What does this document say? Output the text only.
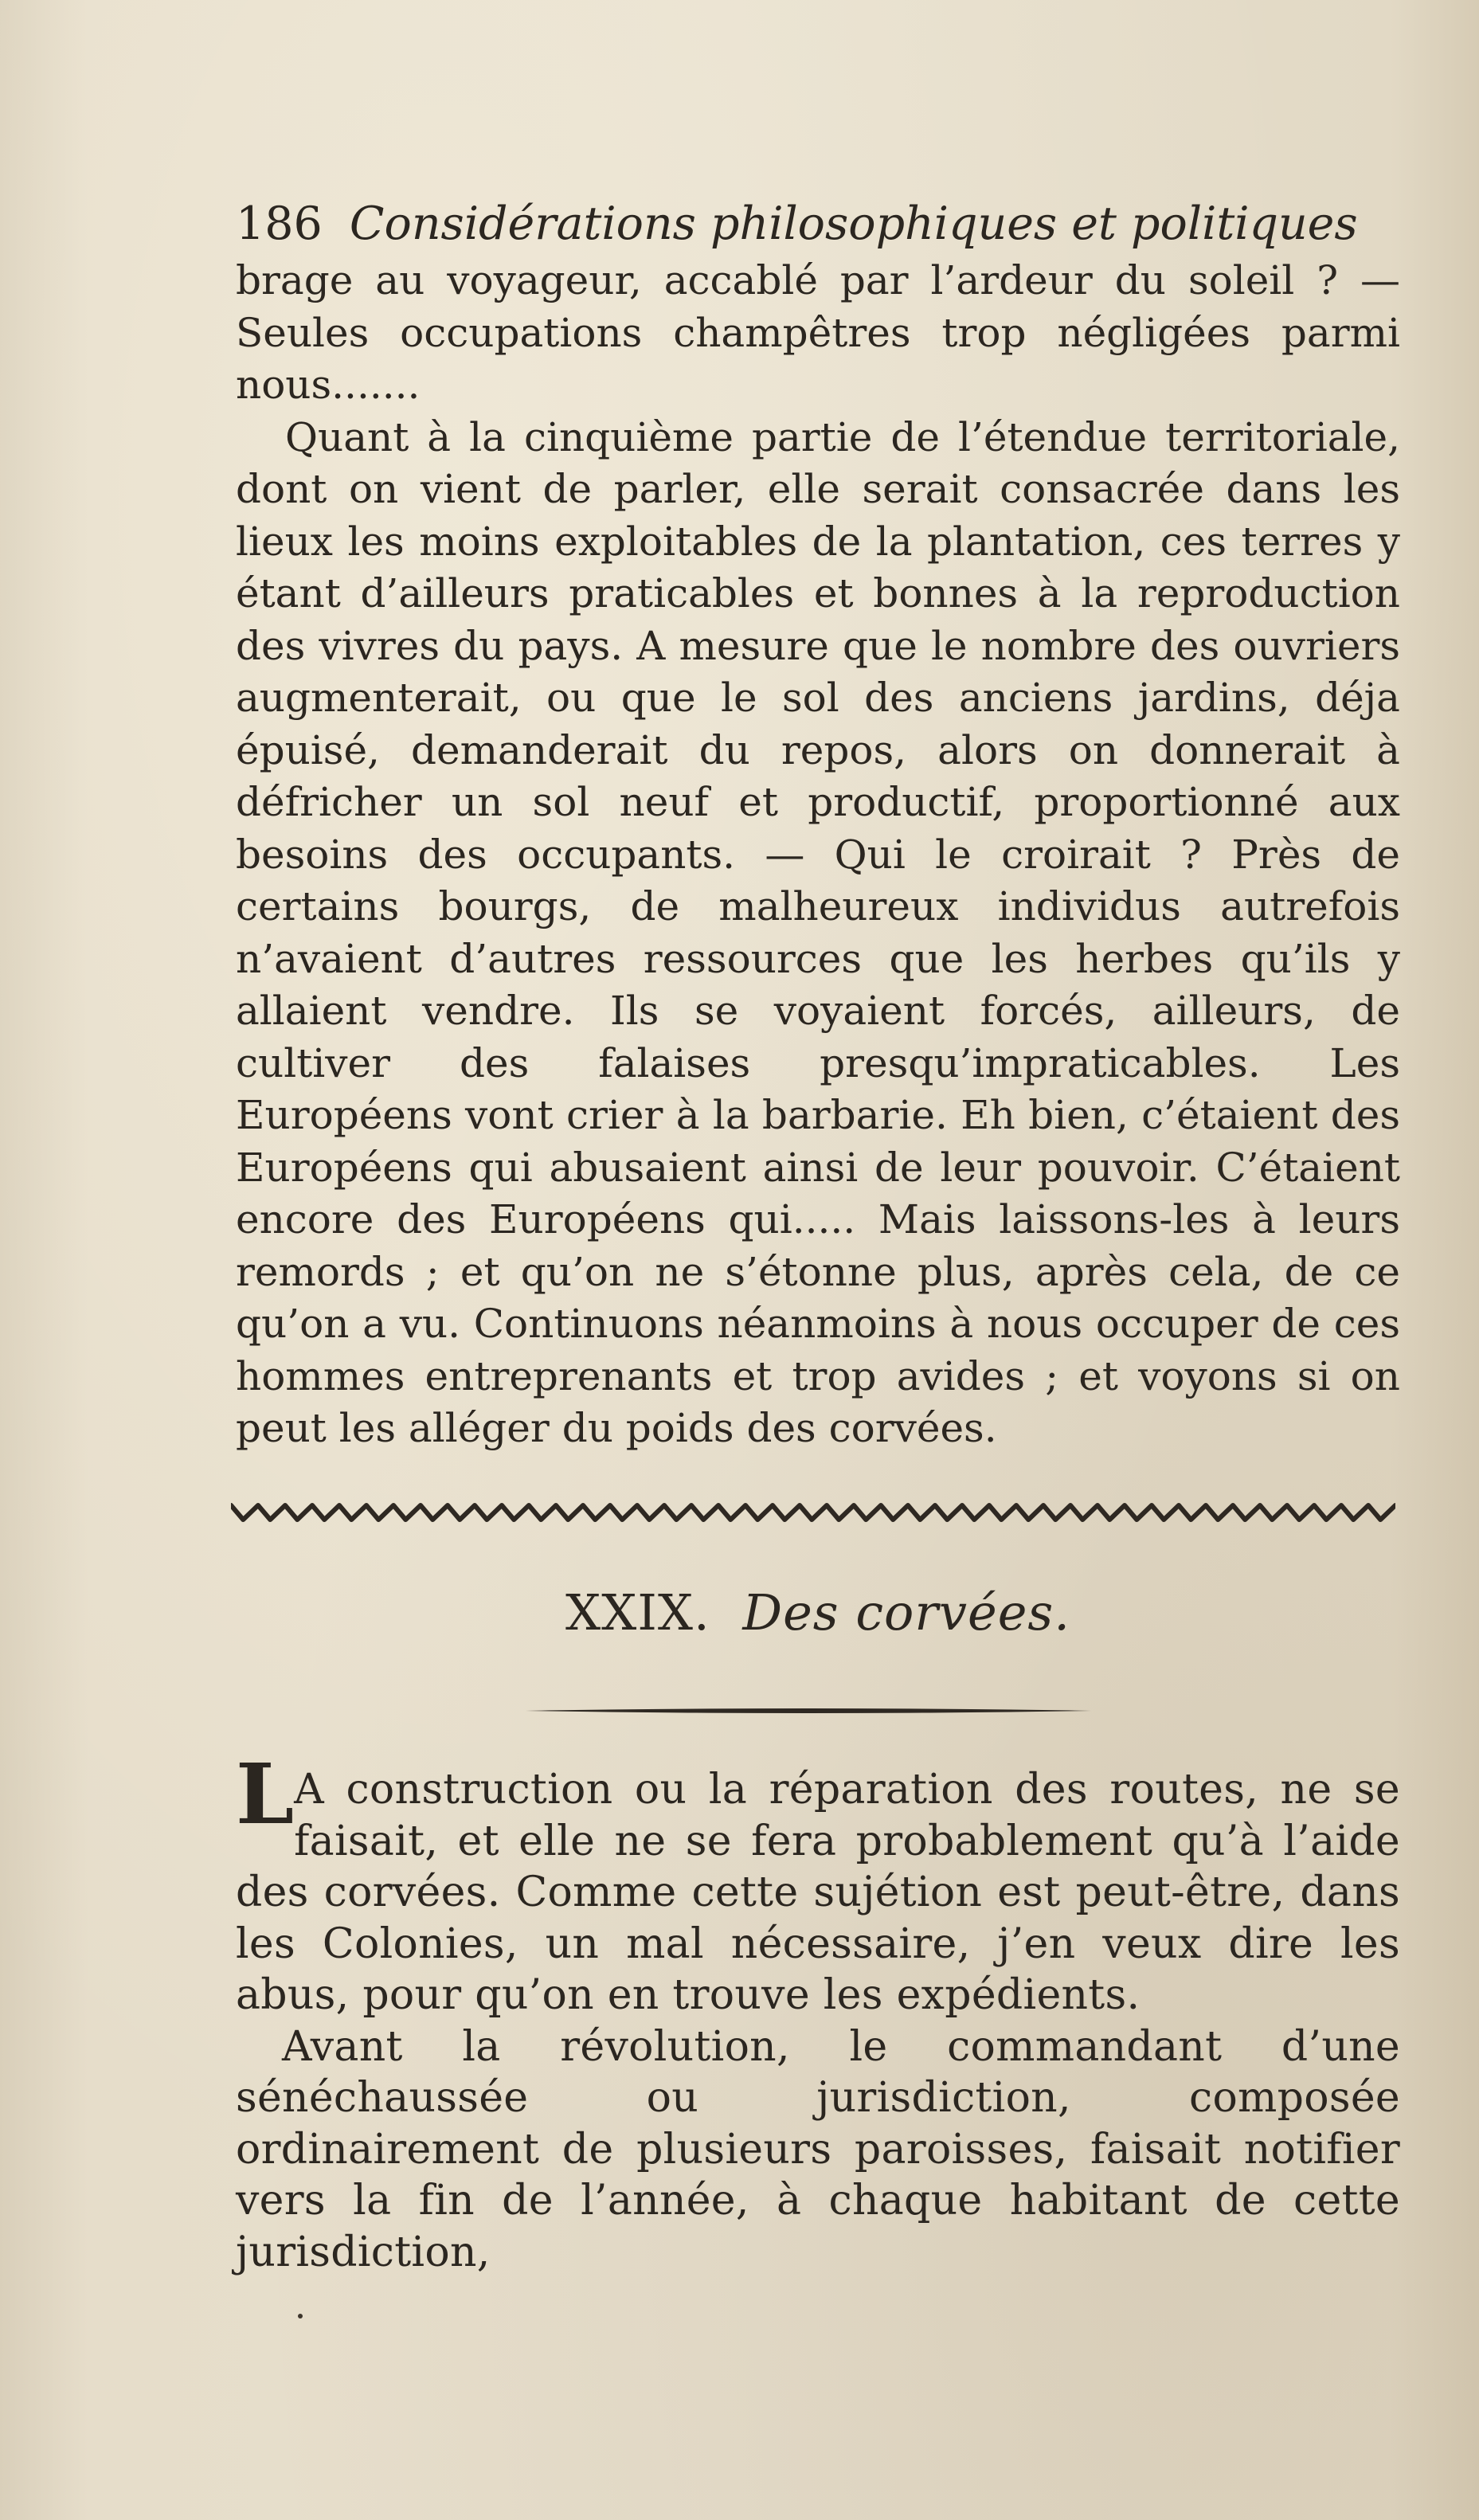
186 Considérations philosophiques et politiques

brage au voyageur, accablé par l’ardeur du soleil ? — Seules occupations champêtres trop négligées parmi nous.......

Quant à la cinquième partie de l’étendue territoriale, dont on vient de parler, elle serait consacrée dans les lieux les moins exploitables de la plantation, ces terres y étant d’ailleurs praticables et bonnes à la reproduction des vivres du pays. A mesure que le nombre des ouvriers augmenterait, ou que le sol des anciens jardins, déja épuisé, demanderait du repos, alors on donnerait à défricher un sol neuf et productif, proportionné aux besoins des occupants. — Qui le croirait ? Près de certains bourgs, de malheureux individus autrefois n’avaient d’autres ressources que les herbes qu’ils y allaient vendre. Ils se voyaient forcés, ailleurs, de cultiver des falaises presqu’impraticables. Les Européens vont crier à la barbarie. Eh bien, c’étaient des Européens qui abusaient ainsi de leur pouvoir. C’étaient encore des Européens qui..... Mais laissons-les à leurs remords ; et qu’on ne s’étonne plus, après cela, de ce qu’on a vu. Continuons néanmoins à nous occuper de ces hommes entreprenants et trop avides ; et voyons si on peut les alléger du poids des corvées.

XXIX. Des corvées.

L A construction ou la réparation des routes, ne se faisait, et elle ne se fera probablement qu’à l’aide des corvées. Comme cette sujétion est peut-être, dans les Colonies, un mal nécessaire, j’en veux dire les abus, pour qu’on en trouve les expédients.

Avant la révolution, le commandant d’une sénéchaussée ou jurisdiction, composée ordinairement de plusieurs paroisses, faisait notifier vers la fin de l’année, à chaque habitant de cette jurisdiction,
